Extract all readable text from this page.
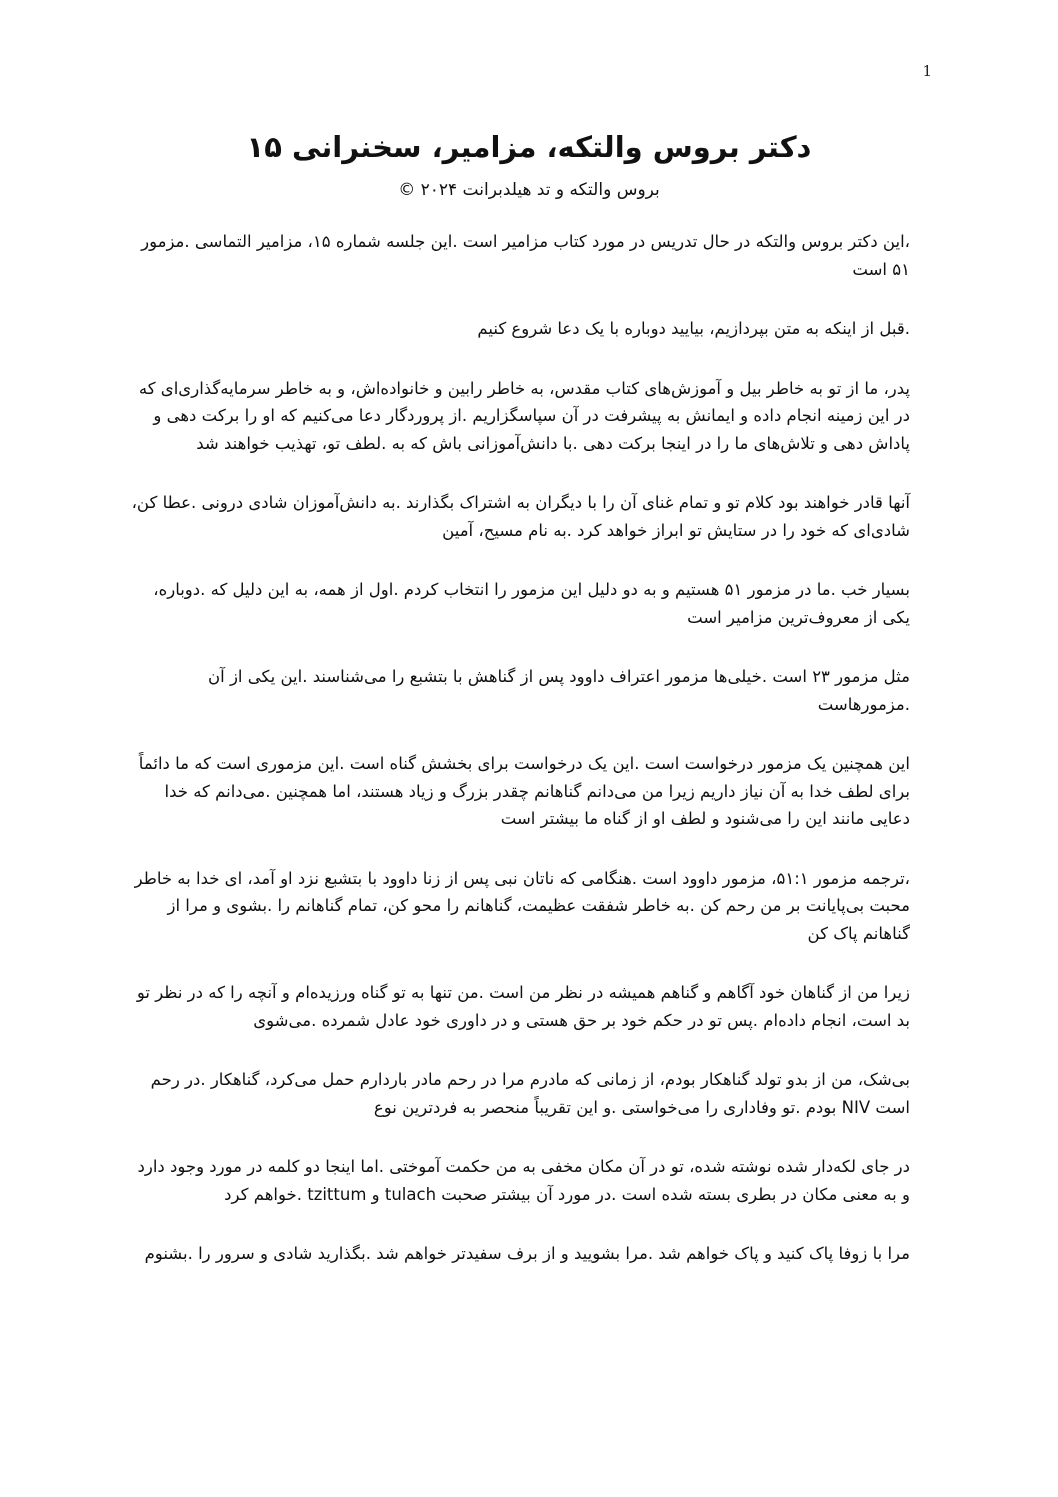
1
دکتر بروس والتکه، مزامیر، سخنرانی ۱۵
بروس والتکه و تد هیلدبرانت ۲۰۲۴ ©

،این دکتر بروس والتکه در حال تدریس در مورد کتاب مزامیر است .این جلسه شماره ۱۵، مزامیر التماسی .مزمور ۵۱ است

.قبل از اینکه به متن بپردازیم، بیایید دوباره با یک دعا شروع کنیم

پدر، ما از تو به خاطر بیل و آموزش‌های کتاب مقدس، به خاطر رابین و خانواده‌اش، و به خاطر سرمایه‌گذاری‌ای که در این زمینه انجام داده و ایمانش به پیشرفت در آن سپاسگزاریم .از پروردگار دعا می‌کنیم که او را برکت دهی و پاداش دهی و تلاش‌های ما را در اینجا برکت دهی .با دانش‌آموزانی باش که به .لطف تو، تهذیب خواهند شد

آنها قادر خواهند بود کلام تو و تمام غنای آن را با دیگران به اشتراک بگذارند .به دانش‌آموزان شادی درونی .عطا کن، شادی‌ای که خود را در ستایش تو ابراز خواهد کرد .به نام مسیح، آمین

بسیار خب .ما در مزمور ۵۱ هستیم و به دو دلیل این مزمور را انتخاب کردم .اول از همه، به این دلیل که .دوباره، یکی از معروف‌ترین مزامیر است

مثل مزمور ۲۳ است .خیلی‌ها مزمور اعتراف داوود پس از گناهش با بتشبع را می‌شناسند .این یکی از آن .مزمورهاست

این همچنین یک مزمور درخواست است .این یک درخواست برای بخشش گناه است .این مزموری است که ما دائماً برای لطف خدا به آن نیاز داریم زیرا من می‌دانم گناهانم چقدر بزرگ و زیاد هستند، اما همچنین .می‌دانم که خدا دعایی مانند این را می‌شنود و لطف او از گناه ما بیشتر است

،ترجمه مزمور ۵۱:۱، مزمور داوود است .هنگامی که ناتان نبی پس از زنا داوود با بتشبع نزد او آمد، ای خدا به خاطر محبت بی‌پایانت بر من رحم کن .به خاطر شفقت عظیمت، گناهانم را محو کن، تمام گناهانم را .بشوی و مرا از گناهانم پاک کن

زیرا من از گناهان خود آگاهم و گناهم همیشه در نظر من است .من تنها به تو گناه ورزیده‌ام و آنچه را که در نظر تو بد است، انجام داده‌ام .پس تو در حکم خود بر حق هستی و در داوری خود عادل شمرده .می‌شوی

بی‌شک، من از بدو تولد گناهکار بودم، از زمانی که مادرم مرا در رحم مادر باردارم حمل می‌کرد، گناهکار .در رحم است NIV بودم .تو وفاداری را می‌خواستی .و این تقریباً منحصر به فردترین نوع

در جای لکه‌دار شده نوشته شده، تو در آن مکان مخفی به من حکمت آموختی .اما اینجا دو کلمه در مورد وجود دارد و به معنی مکان در بطری بسته شده است .در مورد آن بیشتر صحبت tulach و tzittum .خواهم کرد

مرا با زوفا پاک کنید و پاک خواهم شد .مرا بشویید و از برف سفیدتر خواهم شد .بگذارید شادی و سرور را .بشنوم
